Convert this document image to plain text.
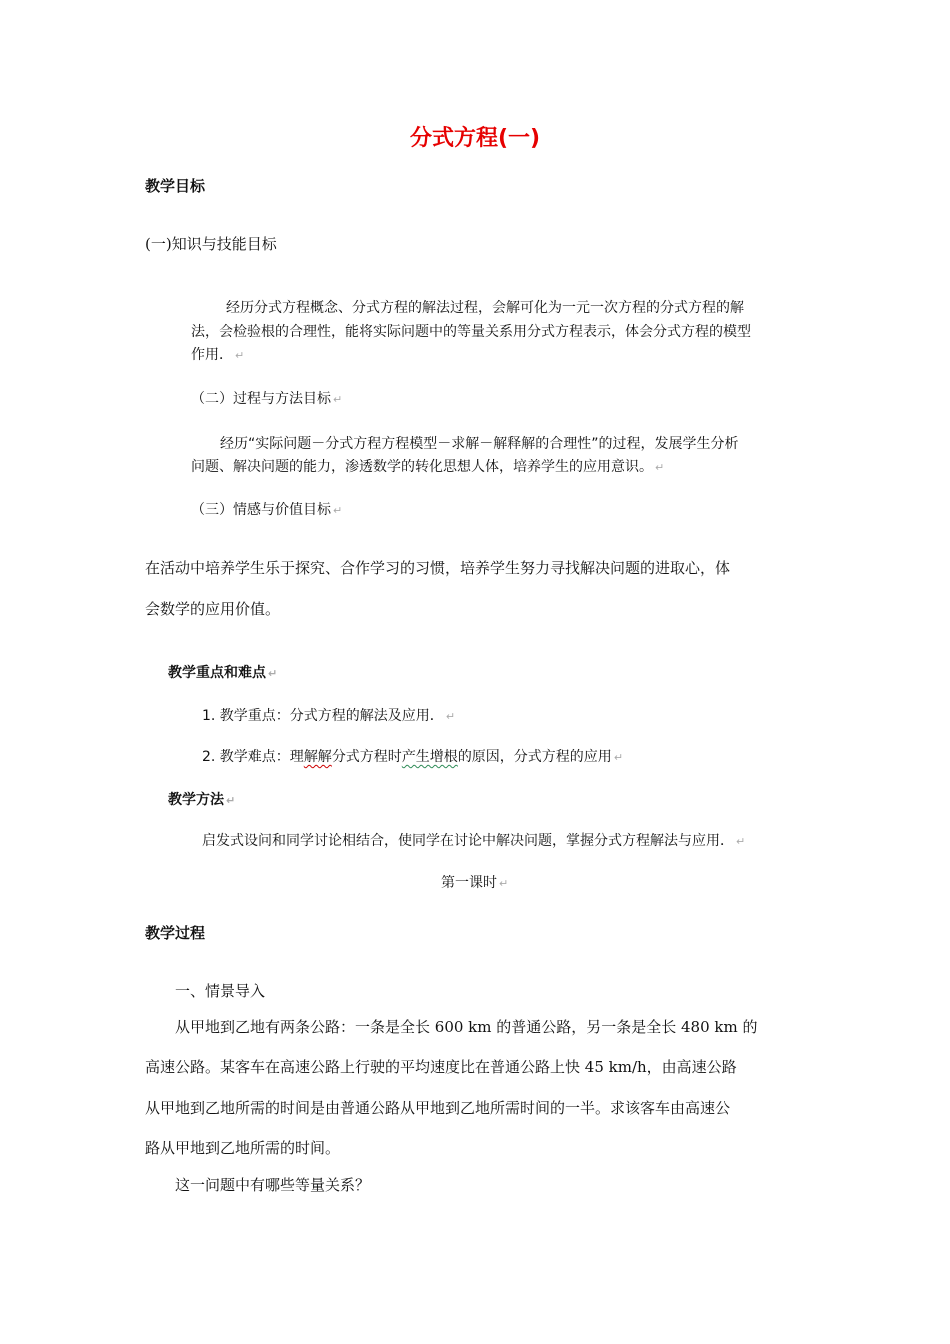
分式方程(一)
教学目标
(一)知识与技能目标
经历分式方程概念、分式方程的解法过程，会解可化为一元一次方程的分式方程的解
法，会检验根的合理性，能将实际问题中的等量关系用分式方程表示，体会分式方程的模型
作用． ↵
（二）过程与方法目标 ↵
经历“实际问题－分式方程方程模型－求解－解释解的合理性”的过程，发展学生分析
问题、解决问题的能力，渗透数学的转化思想人体，培养学生的应用意识。 ↵
（三）情感与价值目标 ↵
在活动中培养学生乐于探究、合作学习的习惯，培养学生努力寻找解决问题的进取心，体
会数学的应用价值。
教学重点和难点 ↵
1. 教学重点：分式方程的解法及应用． ↵
2. 教学难点：理解解分式方程时产生增根的原因，分式方程的应用 ↵
教学方法 ↵
启发式设问和同学讨论相结合，使同学在讨论中解决问题，掌握分式方程解法与应用． ↵
第一课时 ↵
教学过程
一、情景导入
从甲地到乙地有两条公路：一条是全长 600 km 的普通公路，另一条是全长 480 km 的
高速公路。某客车在高速公路上行驶的平均速度比在普通公路上快 45 km/h，由高速公路
从甲地到乙地所需的时间是由普通公路从甲地到乙地所需时间的一半。求该客车由高速公
路从甲地到乙地所需的时间。
这一问题中有哪些等量关系？
